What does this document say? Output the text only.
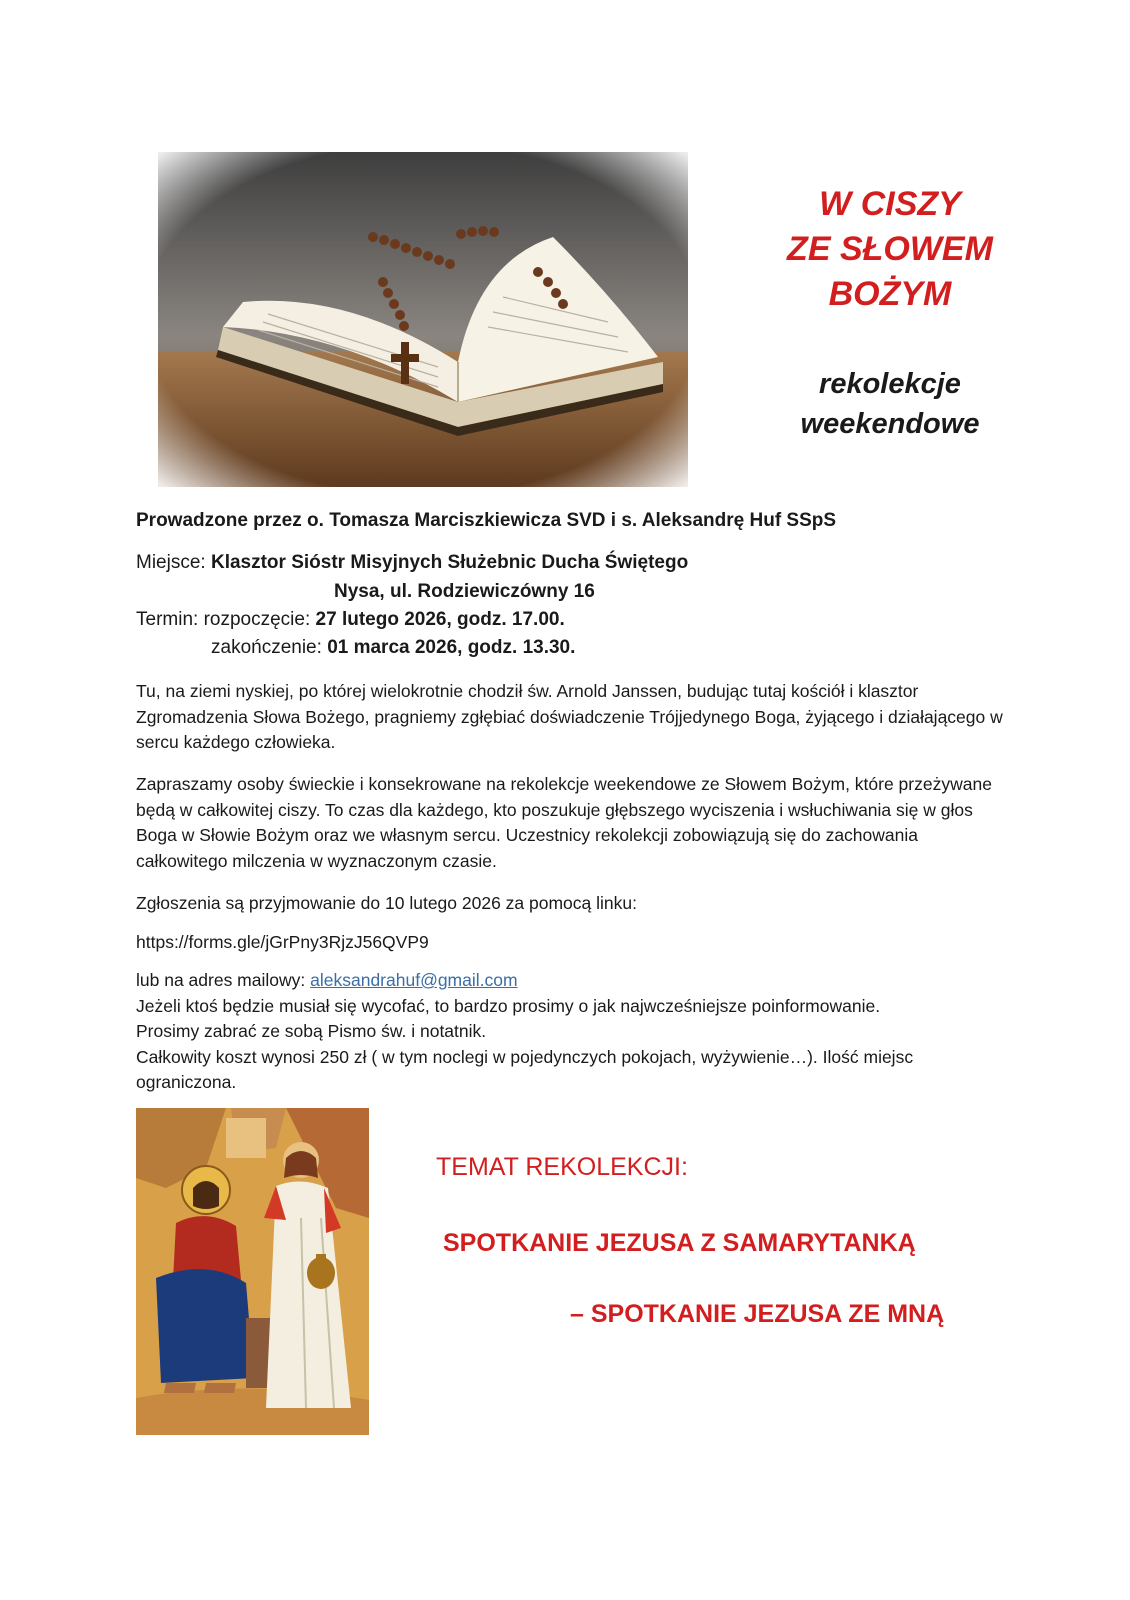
W CISZY
ZE SŁOWEM
BOŻYM
rekolekcje
weekendowe
Prowadzone przez o. Tomasza Marciszkiewicza SVD i s. Aleksandrę Huf SSpS
Miejsce: Klasztor Sióstr Misyjnych Służebnic Ducha Świętego
Nysa, ul. Rodziewiczówny 16
Termin: rozpoczęcie: 27 lutego 2026, godz. 17.00.
zakończenie: 01 marca 2026, godz. 13.30.
Tu, na ziemi nyskiej, po której wielokrotnie chodził św. Arnold Janssen, budując tutaj kościół i klasztor Zgromadzenia Słowa Bożego, pragniemy zgłębiać doświadczenie Trójjedynego Boga, żyjącego i działającego w sercu każdego człowieka.
Zapraszamy osoby świeckie i konsekrowane na rekolekcje weekendowe ze Słowem Bożym, które przeżywane będą w całkowitej ciszy. To czas dla każdego, kto poszukuje głębszego wyciszenia i wsłuchiwania się w głos Boga w Słowie Bożym oraz we własnym sercu. Uczestnicy rekolekcji zobowiązują się do zachowania całkowitego milczenia w wyznaczonym czasie.
Zgłoszenia są przyjmowanie do 10 lutego 2026 za pomocą linku:
https://forms.gle/jGrPny3RjzJ56QVP9
lub na adres mailowy: aleksandrahuf@gmail.com
Jeżeli ktoś będzie musiał się wycofać, to bardzo prosimy o jak najwcześniejsze poinformowanie.
Prosimy zabrać ze sobą Pismo św. i notatnik.
Całkowity koszt wynosi 250 zł ( w tym noclegi w pojedynczych pokojach, wyżywienie…). Ilość miejsc ograniczona.
TEMAT REKOLEKCJI:
SPOTKANIE JEZUSA Z SAMARYTANKĄ
– SPOTKANIE JEZUSA ZE MNĄ
